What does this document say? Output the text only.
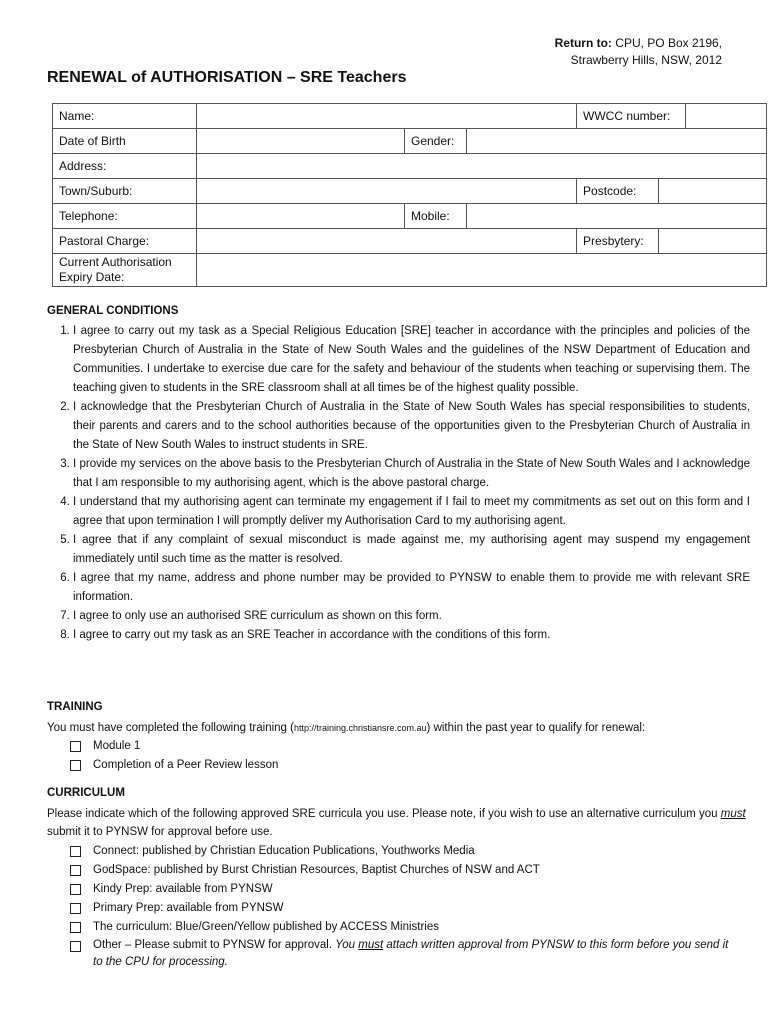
Return to: CPU, PO Box 2196,
Strawberry Hills, NSW, 2012
RENEWAL of AUTHORISATION – SRE Teachers
Name:				WWCC number:		
Date of Birth		Gender:				
Address:						
Town/Suburb:				Postcode:		
Telephone:		Mobile:				
Pastoral Charge:				Presbytery:		

Current Authorisation
Expiry Date:						

GENERAL CONDITIONS
1. I agree to carry out my task as a Special Religious Education [SRE] teacher in accordance with the principles and policies of the Presbyterian Church of Australia in the State of New South Wales and the guidelines of the NSW Department of Education and Communities. I undertake to exercise due care for the safety and behaviour of the students when teaching or supervising them. The teaching given to students in the SRE classroom shall at all times be of the highest quality possible.
2. I acknowledge that the Presbyterian Church of Australia in the State of New South Wales has special responsibilities to students, their parents and carers and to the school authorities because of the opportunities given to the Presbyterian Church of Australia in the State of New South Wales to instruct students in SRE.
3. I provide my services on the above basis to the Presbyterian Church of Australia in the State of New South Wales and I acknowledge that I am responsible to my authorising agent, which is the above pastoral charge.
4. I understand that my authorising agent can terminate my engagement if I fail to meet my commitments as set out on this form and I agree that upon termination I will promptly deliver my Authorisation Card to my authorising agent.
5. I agree that if any complaint of sexual misconduct is made against me, my authorising agent may suspend my engagement immediately until such time as the matter is resolved.
6. I agree that my name, address and phone number may be provided to PYNSW to enable them to provide me with relevant SRE information.
7. I agree to only use an authorised SRE curriculum as shown on this form.
8. I agree to carry out my task as an SRE Teacher in accordance with the conditions of this form.
TRAINING
You must have completed the following training (http://training.christiansre.com.au) within the past year to qualify for renewal:
Module 1
Completion of a Peer Review lesson
CURRICULUM
Please indicate which of the following approved SRE curricula you use. Please note, if you wish to use an alternative curriculum you must submit it to PYNSW for approval before use.
Connect: published by Christian Education Publications, Youthworks Media
GodSpace: published by Burst Christian Resources, Baptist Churches of NSW and ACT
Kindy Prep: available from PYNSW
Primary Prep: available from PYNSW
The curriculum: Blue/Green/Yellow published by ACCESS Ministries
Other – Please submit to PYNSW for approval. You must attach written approval from PYNSW to this form before you send it to the CPU for processing.
